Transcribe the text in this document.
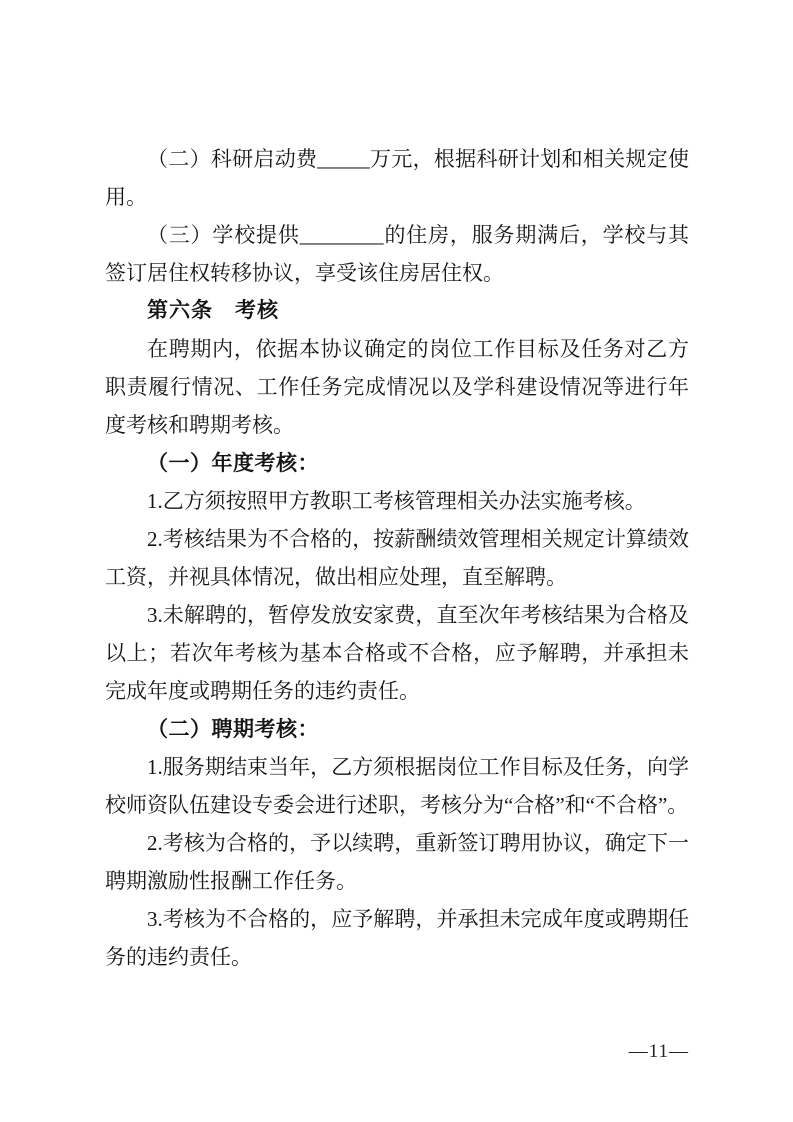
（二）科研启动费_____万元，根据科研计划和相关规定使用。

（三）学校提供________的住房，服务期满后，学校与其签订居住权转移协议，享受该住房居住权。

第六条　考核

在聘期内，依据本协议确定的岗位工作目标及任务对乙方职责履行情况、工作任务完成情况以及学科建设情况等进行年度考核和聘期考核。

（一）年度考核：

1.乙方须按照甲方教职工考核管理相关办法实施考核。

2.考核结果为不合格的，按薪酬绩效管理相关规定计算绩效工资，并视具体情况，做出相应处理，直至解聘。

3.未解聘的，暂停发放安家费，直至次年考核结果为合格及以上；若次年考核为基本合格或不合格，应予解聘，并承担未完成年度或聘期任务的违约责任。

（二）聘期考核：

1.服务期结束当年，乙方须根据岗位工作目标及任务，向学校师资队伍建设专委会进行述职，考核分为“合格”和“不合格”。

2.考核为合格的，予以续聘，重新签订聘用协议，确定下一聘期激励性报酬工作任务。

3.考核为不合格的，应予解聘，并承担未完成年度或聘期任务的违约责任。

—11—
